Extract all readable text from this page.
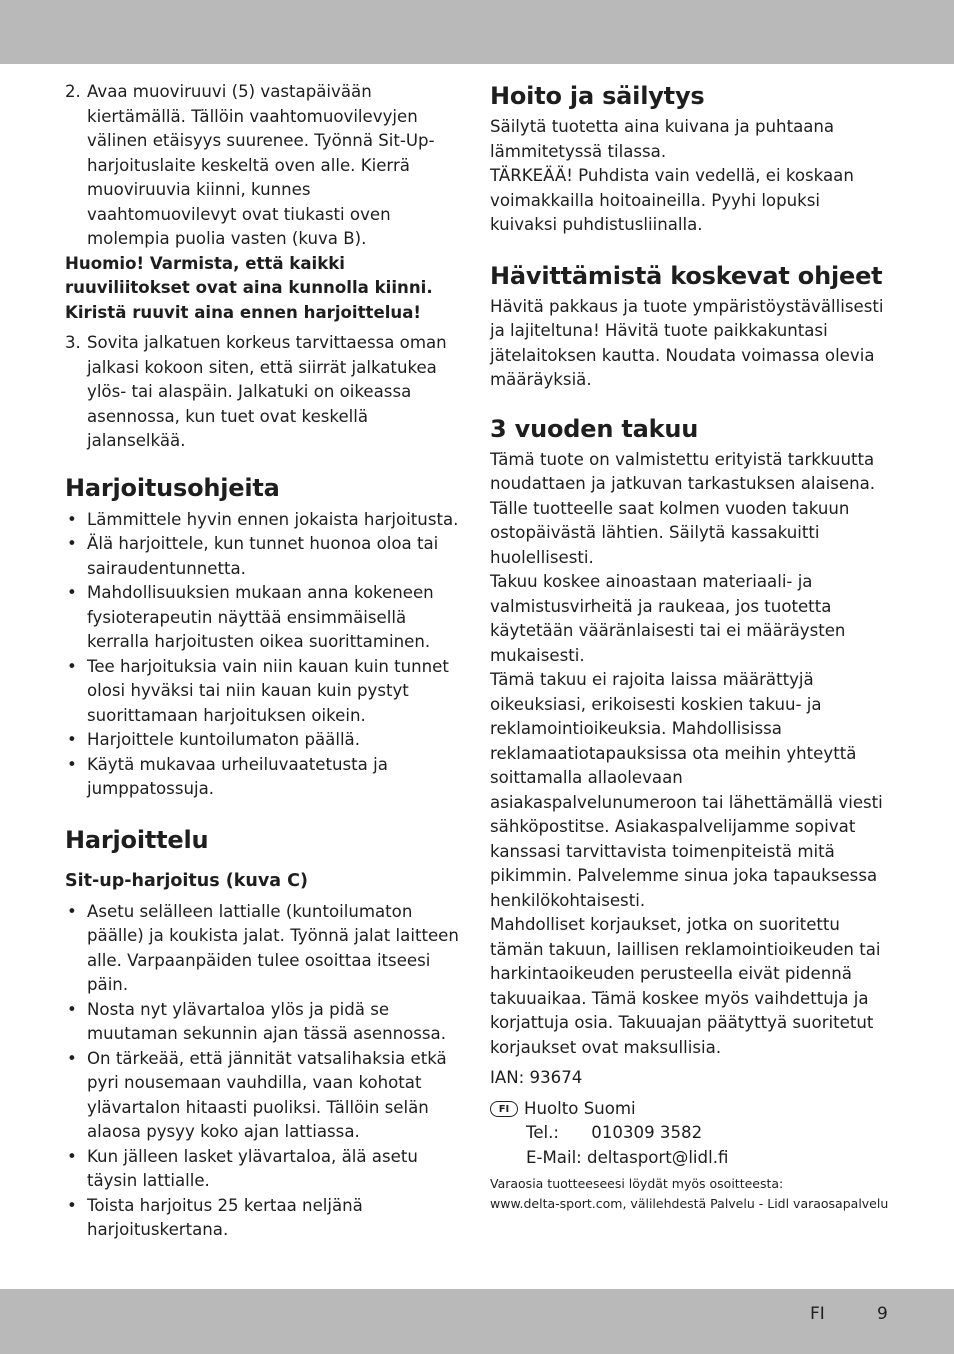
2. Avaa muoviruuvi (5) vastapäivään kiertämällä. Tällöin vaahtomuovilevyjen välinen etäisyys suurenee. Työnnä Sit-Up-harjoituslaite keskeltä oven alle. Kierrä muoviruuvia kiinni, kunnes vaahtomuovilevyt ovat tiukasti oven molempia puolia vasten (kuva B).

Huomio! Varmista, että kaikki ruuviliitokset ovat aina kunnolla kiinni. Kiristä ruuvit aina ennen harjoittelua!

3. Sovita jalkatuen korkeus tarvittaessa oman jalkasi kokoon siten, että siirrät jalkatukea ylös- tai alaspäin. Jalkatuki on oikeassa asennossa, kun tuet ovat keskellä jalanselkää.
Harjoitusohjeita
• Lämmittele hyvin ennen jokaista harjoitusta.
• Älä harjoittele, kun tunnet huonoa oloa tai sairaudentunnetta.
• Mahdollisuuksien mukaan anna kokeneen fysioterapeutin näyttää ensimmäisellä kerralla harjoitusten oikea suorittaminen.
• Tee harjoituksia vain niin kauan kuin tunnet olosi hyväksi tai niin kauan kuin pystyt suorittamaan harjoituksen oikein.
• Harjoittele kuntoilumaton päällä.
• Käytä mukavaa urheiluvaatetusta ja jumppatossuja.
Harjoittelu
Sit-up-harjoitus (kuva C)
• Asetu selälleen lattialle (kuntoilumaton päälle) ja koukista jalat. Työnnä jalat laitteen alle. Varpaanpäiden tulee osoittaa itseesi päin.
• Nosta nyt ylävartaloa ylös ja pidä se muutaman sekunnin ajan tässä asennossa.
• On tärkeää, että jännität vatsalihaksia etkä pyri nousemaan vauhdilla, vaan kohotat ylävartalon hitaasti puoliksi. Tällöin selän alaosa pysyy koko ajan lattiassa.
• Kun jälleen lasket ylävartaloa, älä asetu täysin lattialle.
• Toista harjoitus 25 kertaa neljänä harjoituskertana.
Hoito ja säilytys

Säilytä tuotetta aina kuivana ja puhtaana lämmitetyssä tilassa.

TÄRKEÄÄ! Puhdista vain vedellä, ei koskaan voimakkailla hoitoaineilla. Pyyhi lopuksi kuivaksi puhdistusliinalla.

Hävittämistä koskevat ohjeet

Hävitä pakkaus ja tuote ympäristöystävällisesti ja lajiteltuna! Hävitä tuote paikkakuntasi jätelaitoksen kautta. Noudata voimassa olevia määräyksiä.

3 vuoden takuu

Tämä tuote on valmistettu erityistä tarkkuutta noudattaen ja jatkuvan tarkastuksen alaisena.

Tälle tuotteelle saat kolmen vuoden takuun ostopäivästä lähtien. Säilytä kassakuitti huolellisesti.

Takuu koskee ainoastaan materiaali- ja valmistusvirheitä ja raukeaa, jos tuotetta käytetään vääränlaisesti tai ei määräysten mukaisesti.

Tämä takuu ei rajoita laissa määrättyjä oikeuksiasi, erikoisesti koskien takuu- ja reklamointioikeuksia. Mahdollisissa reklamaatiotapauksissa ota meihin yhteyttä soittamalla allaolevaan asiakaspalvelunumeroon tai lähettämällä viesti sähköpostitse. Asiakaspalvelijamme sopivat kanssasi tarvittavista toimenpiteistä mitä pikimmin. Palvelemme sinua joka tapauksessa henkilökohtaisesti.

Mahdolliset korjaukset, jotka on suoritettu tämän takuun, laillisen reklamointioikeuden tai harkintaoikeuden perusteella eivät pidennä takuuaikaa. Tämä koskee myös vaihdettuja ja korjattuja osia. Takuuajan päätyttyä suoritetut korjaukset ovat maksullisia.

IAN: 93674

FI Huolto Suomi
Tel.: 010309 3582
E-Mail: deltasport@lidl.fi
Varaosia tuotteeseesi löydät myös osoitteesta:
www.delta-sport.com, välilehdestä Palvelu - Lidl varaosapalvelu
FI	9
